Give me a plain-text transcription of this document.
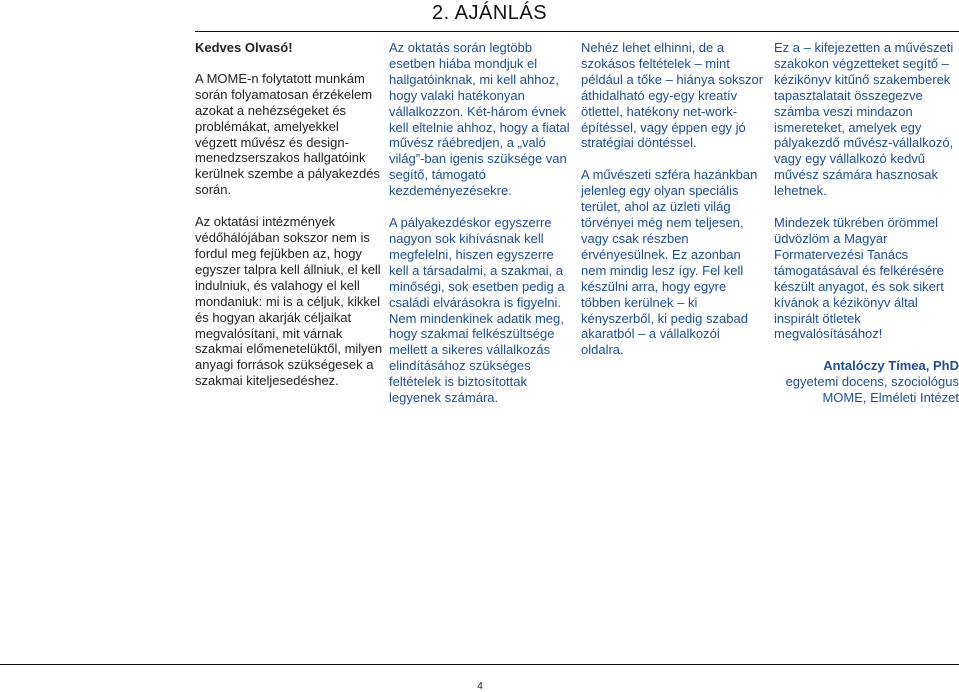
2. AJÁNLÁS

Kedves Olvasó!

A MOME-n folytatott munkám során folyamatosan érzékelem azokat a nehézségeket és problémákat, amelyekkel végzett művész és design-menedzserszakos hallgatóink kerülnek szembe a pályakezdés során.

Az oktatási intézmények védőhálójában sokszor nem is fordul meg fejükben az, hogy egyszer talpra kell állniuk, el kell indulniuk, és valahogy el kell mondaniuk: mi is a céljuk, kikkel és hogyan akarják céljaikat megvalósítani, mit várnak szakmai előmenetelüktől, milyen anyagi források szükségesek a szakmai kiteljesedéshez.

Az oktatás során legtöbb esetben hiába mondjuk el hallgatóinknak, mi kell ahhoz, hogy valaki hatékonyan vállalkozzon. Két-három évnek kell eltelnie ahhoz, hogy a fiatal művész ráébredjen, a „való világ”-ban igenis szüksége van segítő, támogató kezdeményezésekre.

A pályakezdéskor egyszerre nagyon sok kihívásnak kell megfelelni, hiszen egyszerre kell a társadalmi, a szakmai, a minőségi, sok esetben pedig a családi elvárásokra is figyelni. Nem mindenkinek adatik meg, hogy szakmai felkészültsége mellett a sikeres vállalkozás elindításához szükséges feltételek is biztosítottak legyenek számára.

Nehéz lehet elhinni, de a szokásos feltételek – mint például a tőke – hiánya sokszor áthidalható egy-egy kreatív ötlettel, hatékony net-work-építéssel, vagy éppen egy jó stratégiai döntéssel.

A művészeti szféra hazánkban jelenleg egy olyan speciális terület, ahol az üzleti világ törvényei még nem teljesen, vagy csak részben érvényesülnek. Ez azonban nem mindig lesz így. Fel kell készülni arra, hogy egyre többen kerülnek – ki kényszerből, ki pedig szabad akaratból – a vállalkozói oldalra.

Ez a – kifejezetten a művészeti szakokon végzetteket segítő – kézikönyv kitűnő szakemberek tapasztalatait összegezve számba veszi mindazon ismereteket, amelyek egy pályakezdő művész-vállalkozó, vagy egy vállalkozó kedvű művész számára hasznosak lehetnek.

Mindezek tükrében örömmel üdvözlöm a Magyar Formatervezési Tanács támogatásával és felkérésére készült anyagot, és sok sikert kívánok a kézikönyv által inspirált ötletek megvalósításához!

Antalóczy Tímea, PhD
egyetemi docens, szociológus
MOME, Elméleti Intézet
4
